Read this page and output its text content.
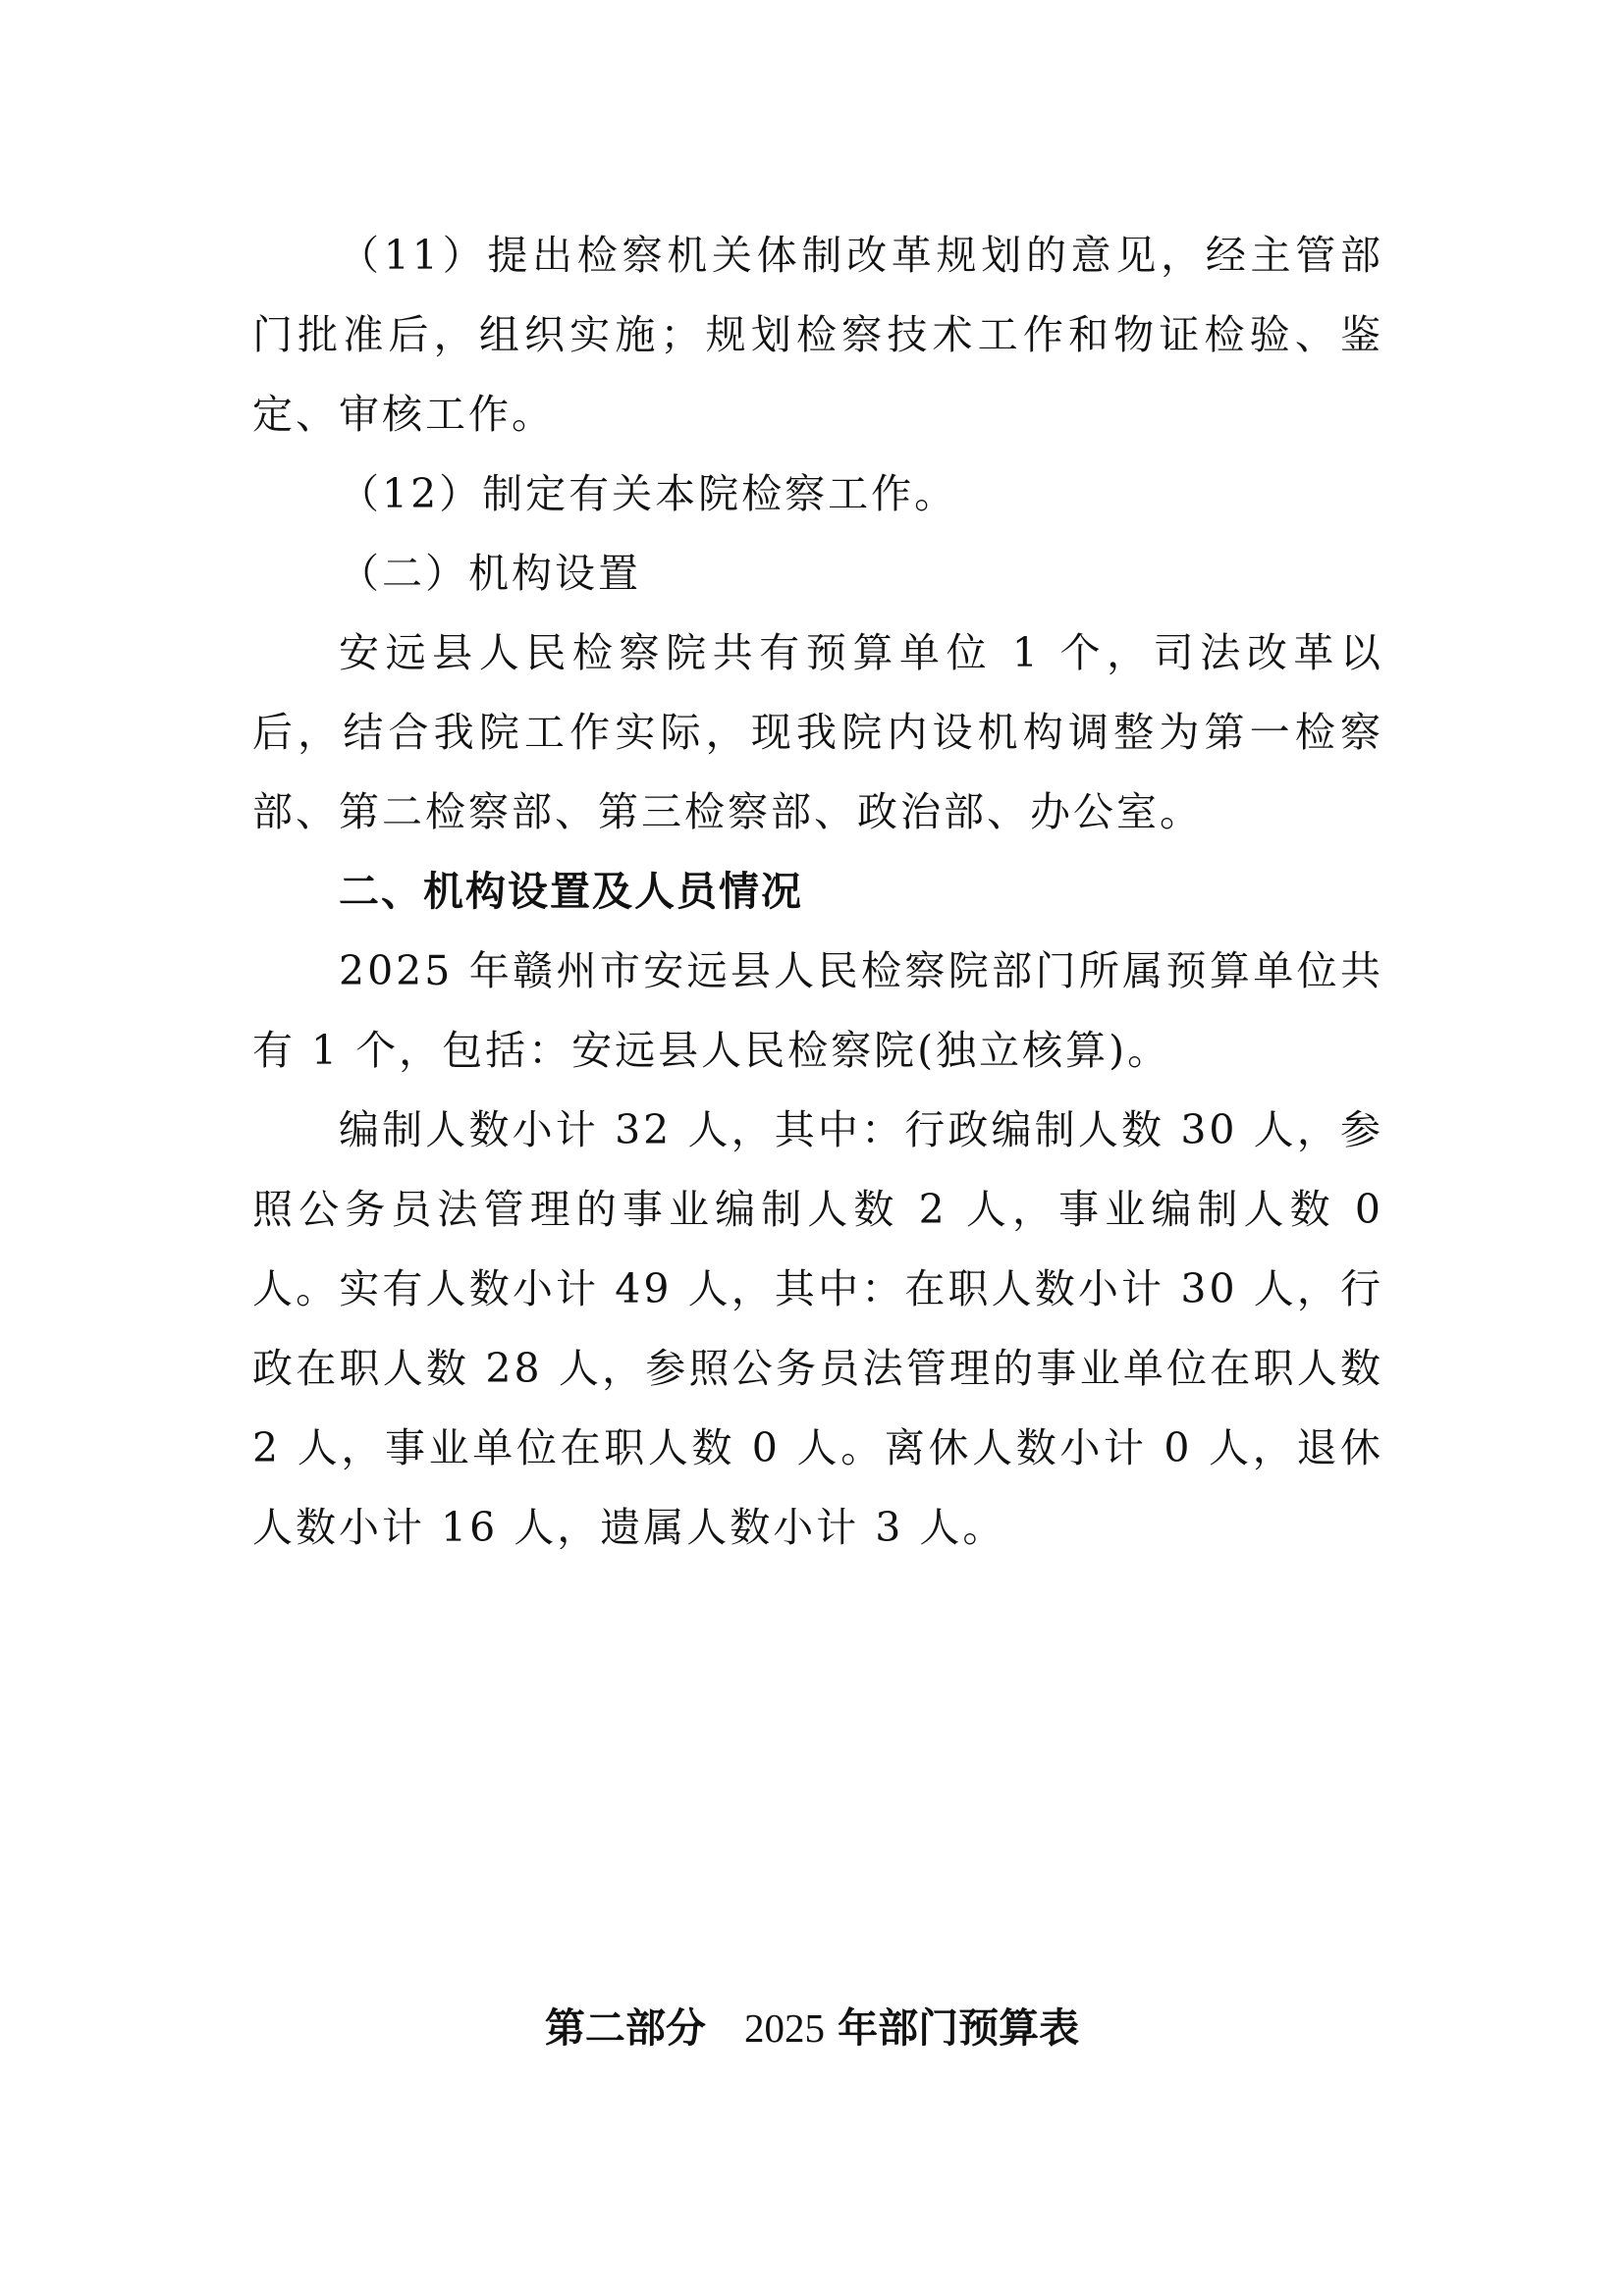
（11）提出检察机关体制改革规划的意见，经主管部门批准后，组织实施；规划检察技术工作和物证检验、鉴定、审核工作。

（12）制定有关本院检察工作。

（二）机构设置

安远县人民检察院共有预算单位 1 个，司法改革以后，结合我院工作实际，现我院内设机构调整为第一检察部、第二检察部、第三检察部、政治部、办公室。

二、机构设置及人员情况

2025 年赣州市安远县人民检察院部门所属预算单位共有 1 个，包括：安远县人民检察院(独立核算)。

编制人数小计 32 人，其中：行政编制人数 30 人，参照公务员法管理的事业编制人数 2 人，事业编制人数 0 人。实有人数小计 49 人，其中：在职人数小计 30 人，行政在职人数 28 人，参照公务员法管理的事业单位在职人数 2 人，事业单位在职人数 0 人。离休人数小计 0 人，退休人数小计 16 人，遗属人数小计 3 人。

第二部分 2025 年部门预算表
